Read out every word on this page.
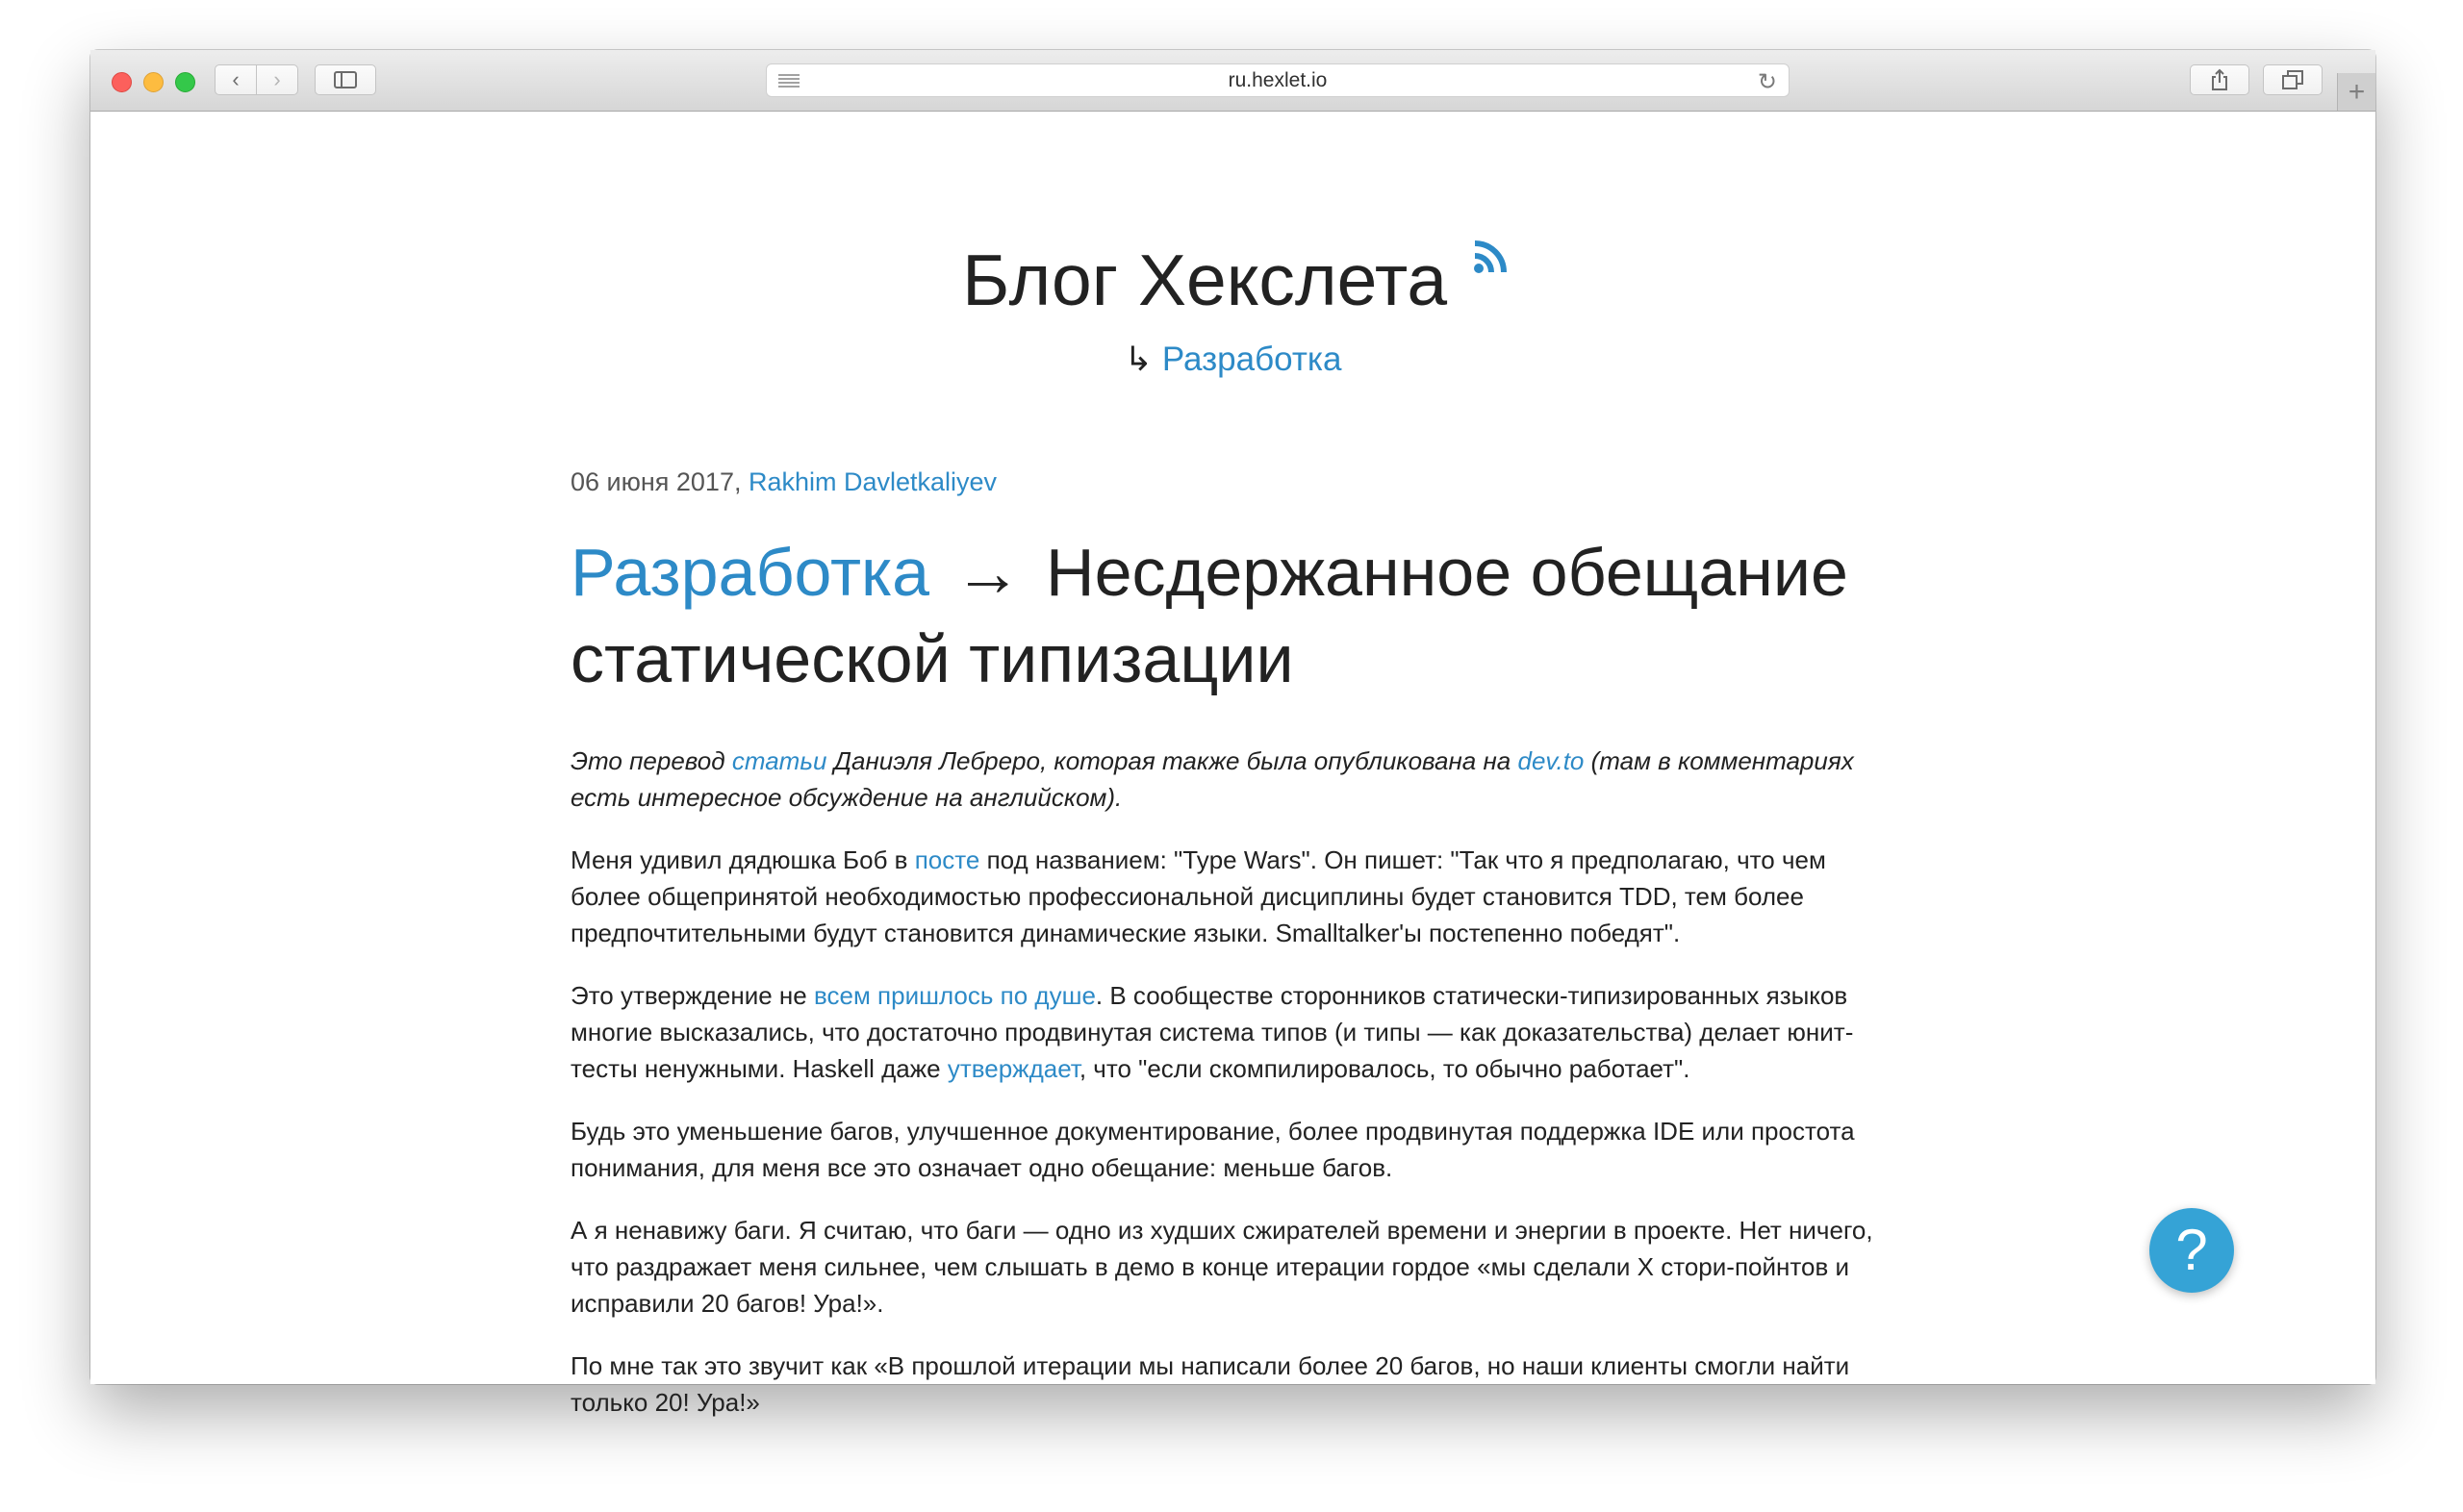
‹ ›	ru.hexlet.io	↻	+
Блог Хекслета
↳ Разработка
06 июня 2017, Rakhim Davletkaliyev
Разработка → Несдержанное обещание статической типизации

Это перевод статьи Даниэля Лебреро, которая также была опубликована на dev.to (там в комментариях есть интересное обсуждение на английском).

Меня удивил дядюшка Боб в посте под названием: "Type Wars". Он пишет: "Так что я предполагаю, что чем более общепринятой необходимостью профессиональной дисциплины будет становится TDD, тем более предпочтительными будут становится динамические языки. Smalltalker'ы постепенно победят".

Это утверждение не всем пришлось по душе. В сообществе сторонников статически-типизированных языков многие высказались, что достаточно продвинутая система типов (и типы — как доказательства) делает юнит-тесты ненужными. Haskell даже утверждает, что "если скомпилировалось, то обычно работает".

Будь это уменьшение багов, улучшенное документирование, более продвинутая поддержка IDE или простота понимания, для меня все это означает одно обещание: меньше багов.

А я ненавижу баги. Я считаю, что баги — одно из худших сжирателей времени и энергии в проекте. Нет ничего, что раздражает меня сильнее, чем слышать в демо в конце итерации гордое «мы сделали X стори-пойнтов и исправили 20 багов! Ура!».

По мне так это звучит как «В прошлой итерации мы написали более 20 багов, но наши клиенты смогли найти только 20! Ура!»

?
